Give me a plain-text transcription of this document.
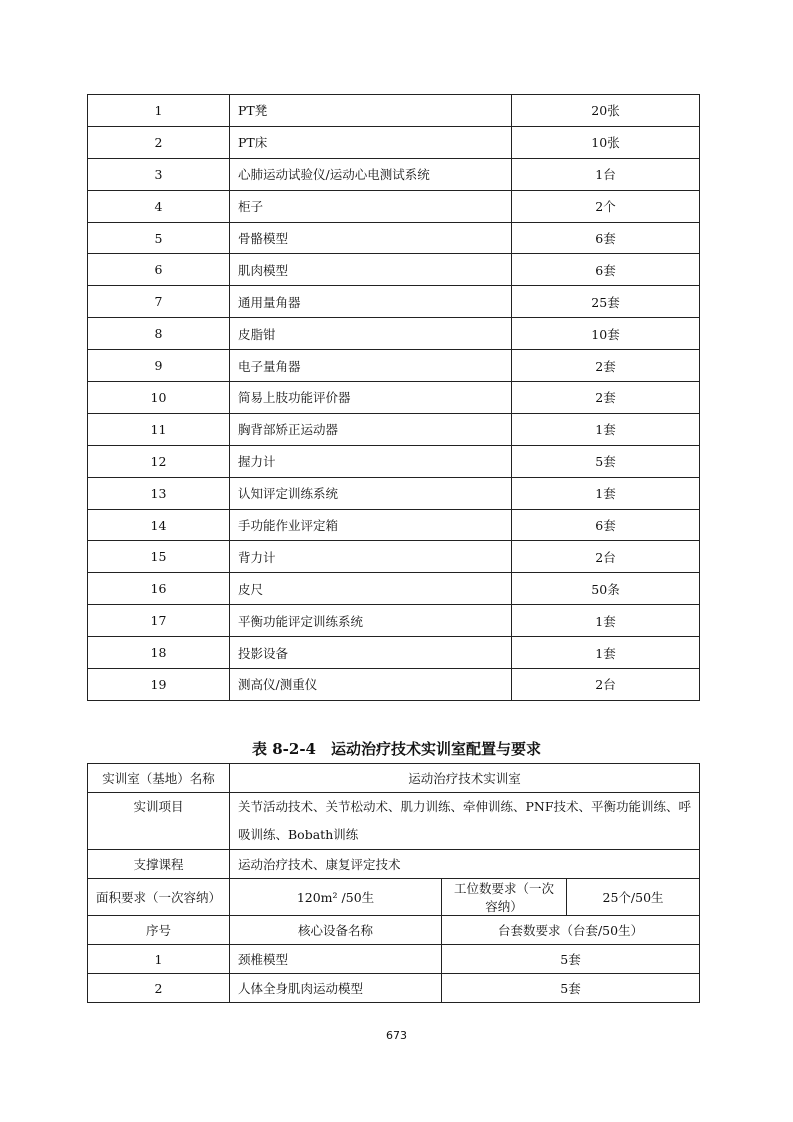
1	PT凳	20张
2	PT床	10张
3	心肺运动试验仪/运动心电测试系统	1台
4	柜子	2个
5	骨骼模型	6套
6	肌肉模型	6套
7	通用量角器	25套
8	皮脂钳	10套
9	电子量角器	2套
10	简易上肢功能评价器	2套
11	胸背部矫正运动器	1套
12	握力计	5套
13	认知评定训练系统	1套
14	手功能作业评定箱	6套
15	背力计	2台
16	皮尺	50条
17	平衡功能评定训练系统	1套
18	投影设备	1套
19	测高仪/测重仪	2台
表 8-2-4　运动治疗技术实训室配置与要求
实训室（基地）名称	运动治疗技术实训室		
实训项目	关节活动技术、关节松动术、肌力训练、牵伸训练、PNF技术、平衡功能训练、呼吸训练、Bobath训练		
支撑课程	运动治疗技术、康复评定技术		
面积要求（一次容纳）	120m² /50生	工位数要求（一次容纳）	25个/50生
序号	核心设备名称	台套数要求（台套/50生）	
1	颈椎模型	5套	
2	人体全身肌肉运动模型	5套	
673
